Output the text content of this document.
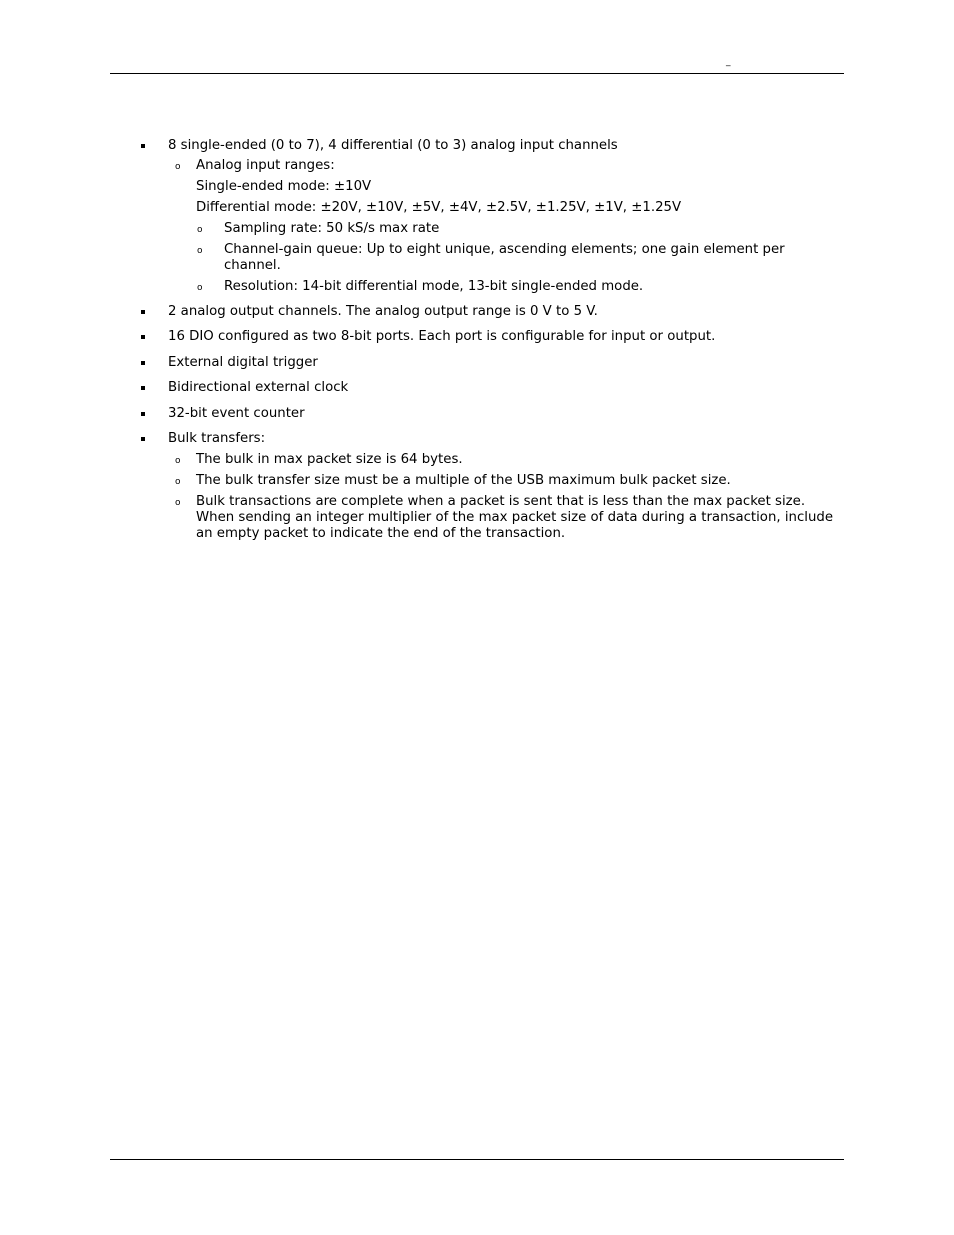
_
8 single-ended (0 to 7), 4 differential (0 to 3) analog input channels
o Analog input ranges:
Single-ended mode: ±10V
Differential mode: ±20V, ±10V, ±5V, ±4V, ±2.5V, ±1.25V, ±1V, ±1.25V
o Sampling rate: 50 kS/s max rate
o Channel-gain queue: Up to eight unique, ascending elements; one gain element per
channel.
o Resolution: 14-bit differential mode, 13-bit single-ended mode.
2 analog output channels. The analog output range is 0 V to 5 V.
16 DIO configured as two 8-bit ports. Each port is configurable for input or output.
External digital trigger
Bidirectional external clock
32-bit event counter
Bulk transfers:
o The bulk in max packet size is 64 bytes.
o The bulk transfer size must be a multiple of the USB maximum bulk packet size.
o Bulk transactions are complete when a packet is sent that is less than the max packet size.
When sending an integer multiplier of the max packet size of data during a transaction, include
an empty packet to indicate the end of the transaction.
